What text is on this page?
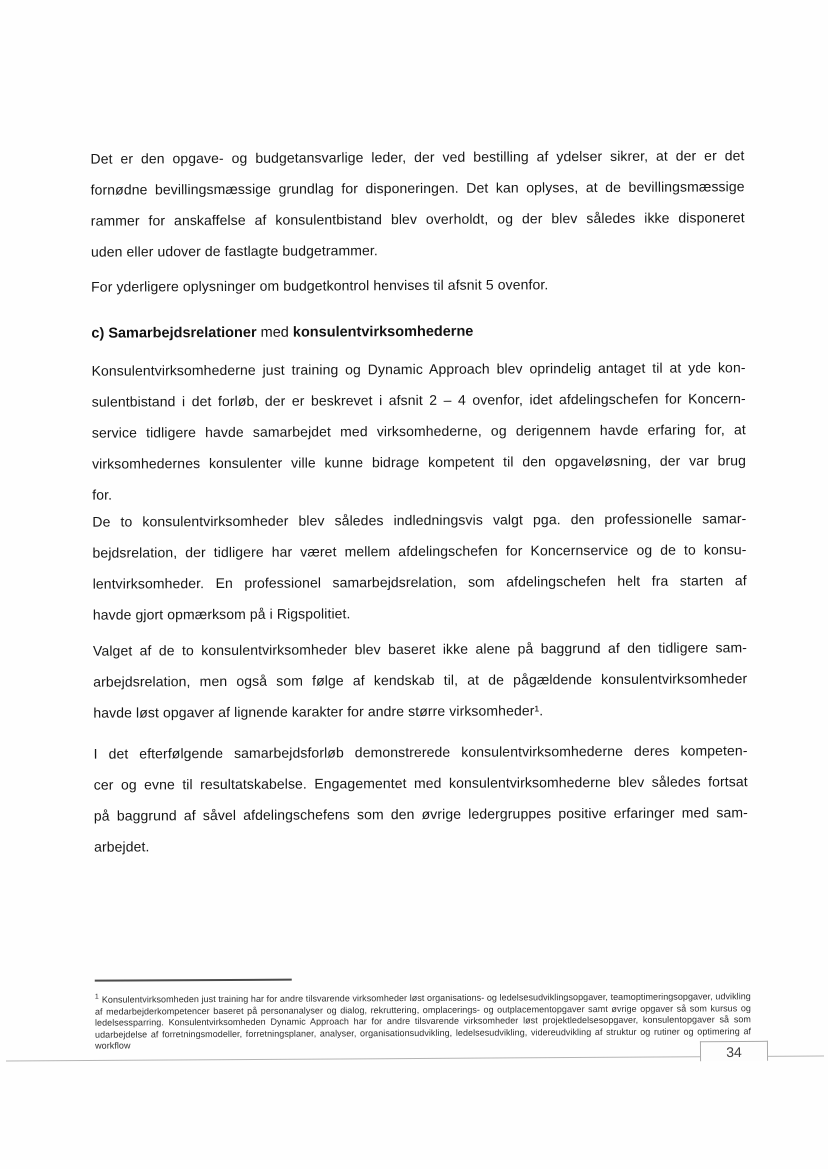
Det er den opgave- og budgetansvarlige leder, der ved bestilling af ydelser sikrer, at der er det
fornødne bevillingsmæssige grundlag for disponeringen. Det kan oplyses, at de bevillingsmæssige
rammer for anskaffelse af konsulentbistand blev overholdt, og der blev således ikke disponeret
uden eller udover de fastlagte budgetrammer.
For yderligere oplysninger om budgetkontrol henvises til afsnit 5 ovenfor.
c) Samarbejdsrelationer med konsulentvirksomhederne
Konsulentvirksomhederne just training og Dynamic Approach blev oprindelig antaget til at yde kon-
sulentbistand i det forløb, der er beskrevet i afsnit 2 – 4 ovenfor, idet afdelingschefen for Koncern-
service tidligere havde samarbejdet med virksomhederne, og derigennem havde erfaring for, at
virksomhedernes konsulenter ville kunne bidrage kompetent til den opgaveløsning, der var brug
for.
De to konsulentvirksomheder blev således indledningsvis valgt pga. den professionelle samar-
bejdsrelation, der tidligere har været mellem afdelingschefen for Koncernservice og de to konsu-
lentvirksomheder. En professionel samarbejdsrelation, som afdelingschefen helt fra starten af
havde gjort opmærksom på i Rigspolitiet.
Valget af de to konsulentvirksomheder blev baseret ikke alene på baggrund af den tidligere sam-
arbejdsrelation, men også som følge af kendskab til, at de pågældende konsulentvirksomheder
havde løst opgaver af lignende karakter for andre større virksomheder¹.
I det efterfølgende samarbejdsforløb demonstrerede konsulentvirksomhederne deres kompeten-
cer og evne til resultatskabelse. Engagementet med konsulentvirksomhederne blev således fortsat
på baggrund af såvel afdelingschefens som den øvrige ledergruppes positive erfaringer med sam-
arbejdet.
$^1$ Konsulentvirksomheden just training har for andre tilsvarende virksomheder løst organisations- og ledelsesudviklingsopgaver, teamoptimeringsopgaver, udvikling af medarbejderkompetencer baseret på personanalyser og dialog, rekruttering, omplacerings- og outplacementopgaver samt øvrige opgaver så som kursus og ledelsessparring. Konsulentvirksomheden Dynamic Approach har for andre tilsvarende virksomheder løst projektledelsesopgaver, konsulentopgaver så som udarbejdelse af forretningsmodeller, forretningsplaner, analyser, organisationsudvikling, ledelsesudvikling, videreudvikling af struktur og rutiner og optimering af workflow	34
